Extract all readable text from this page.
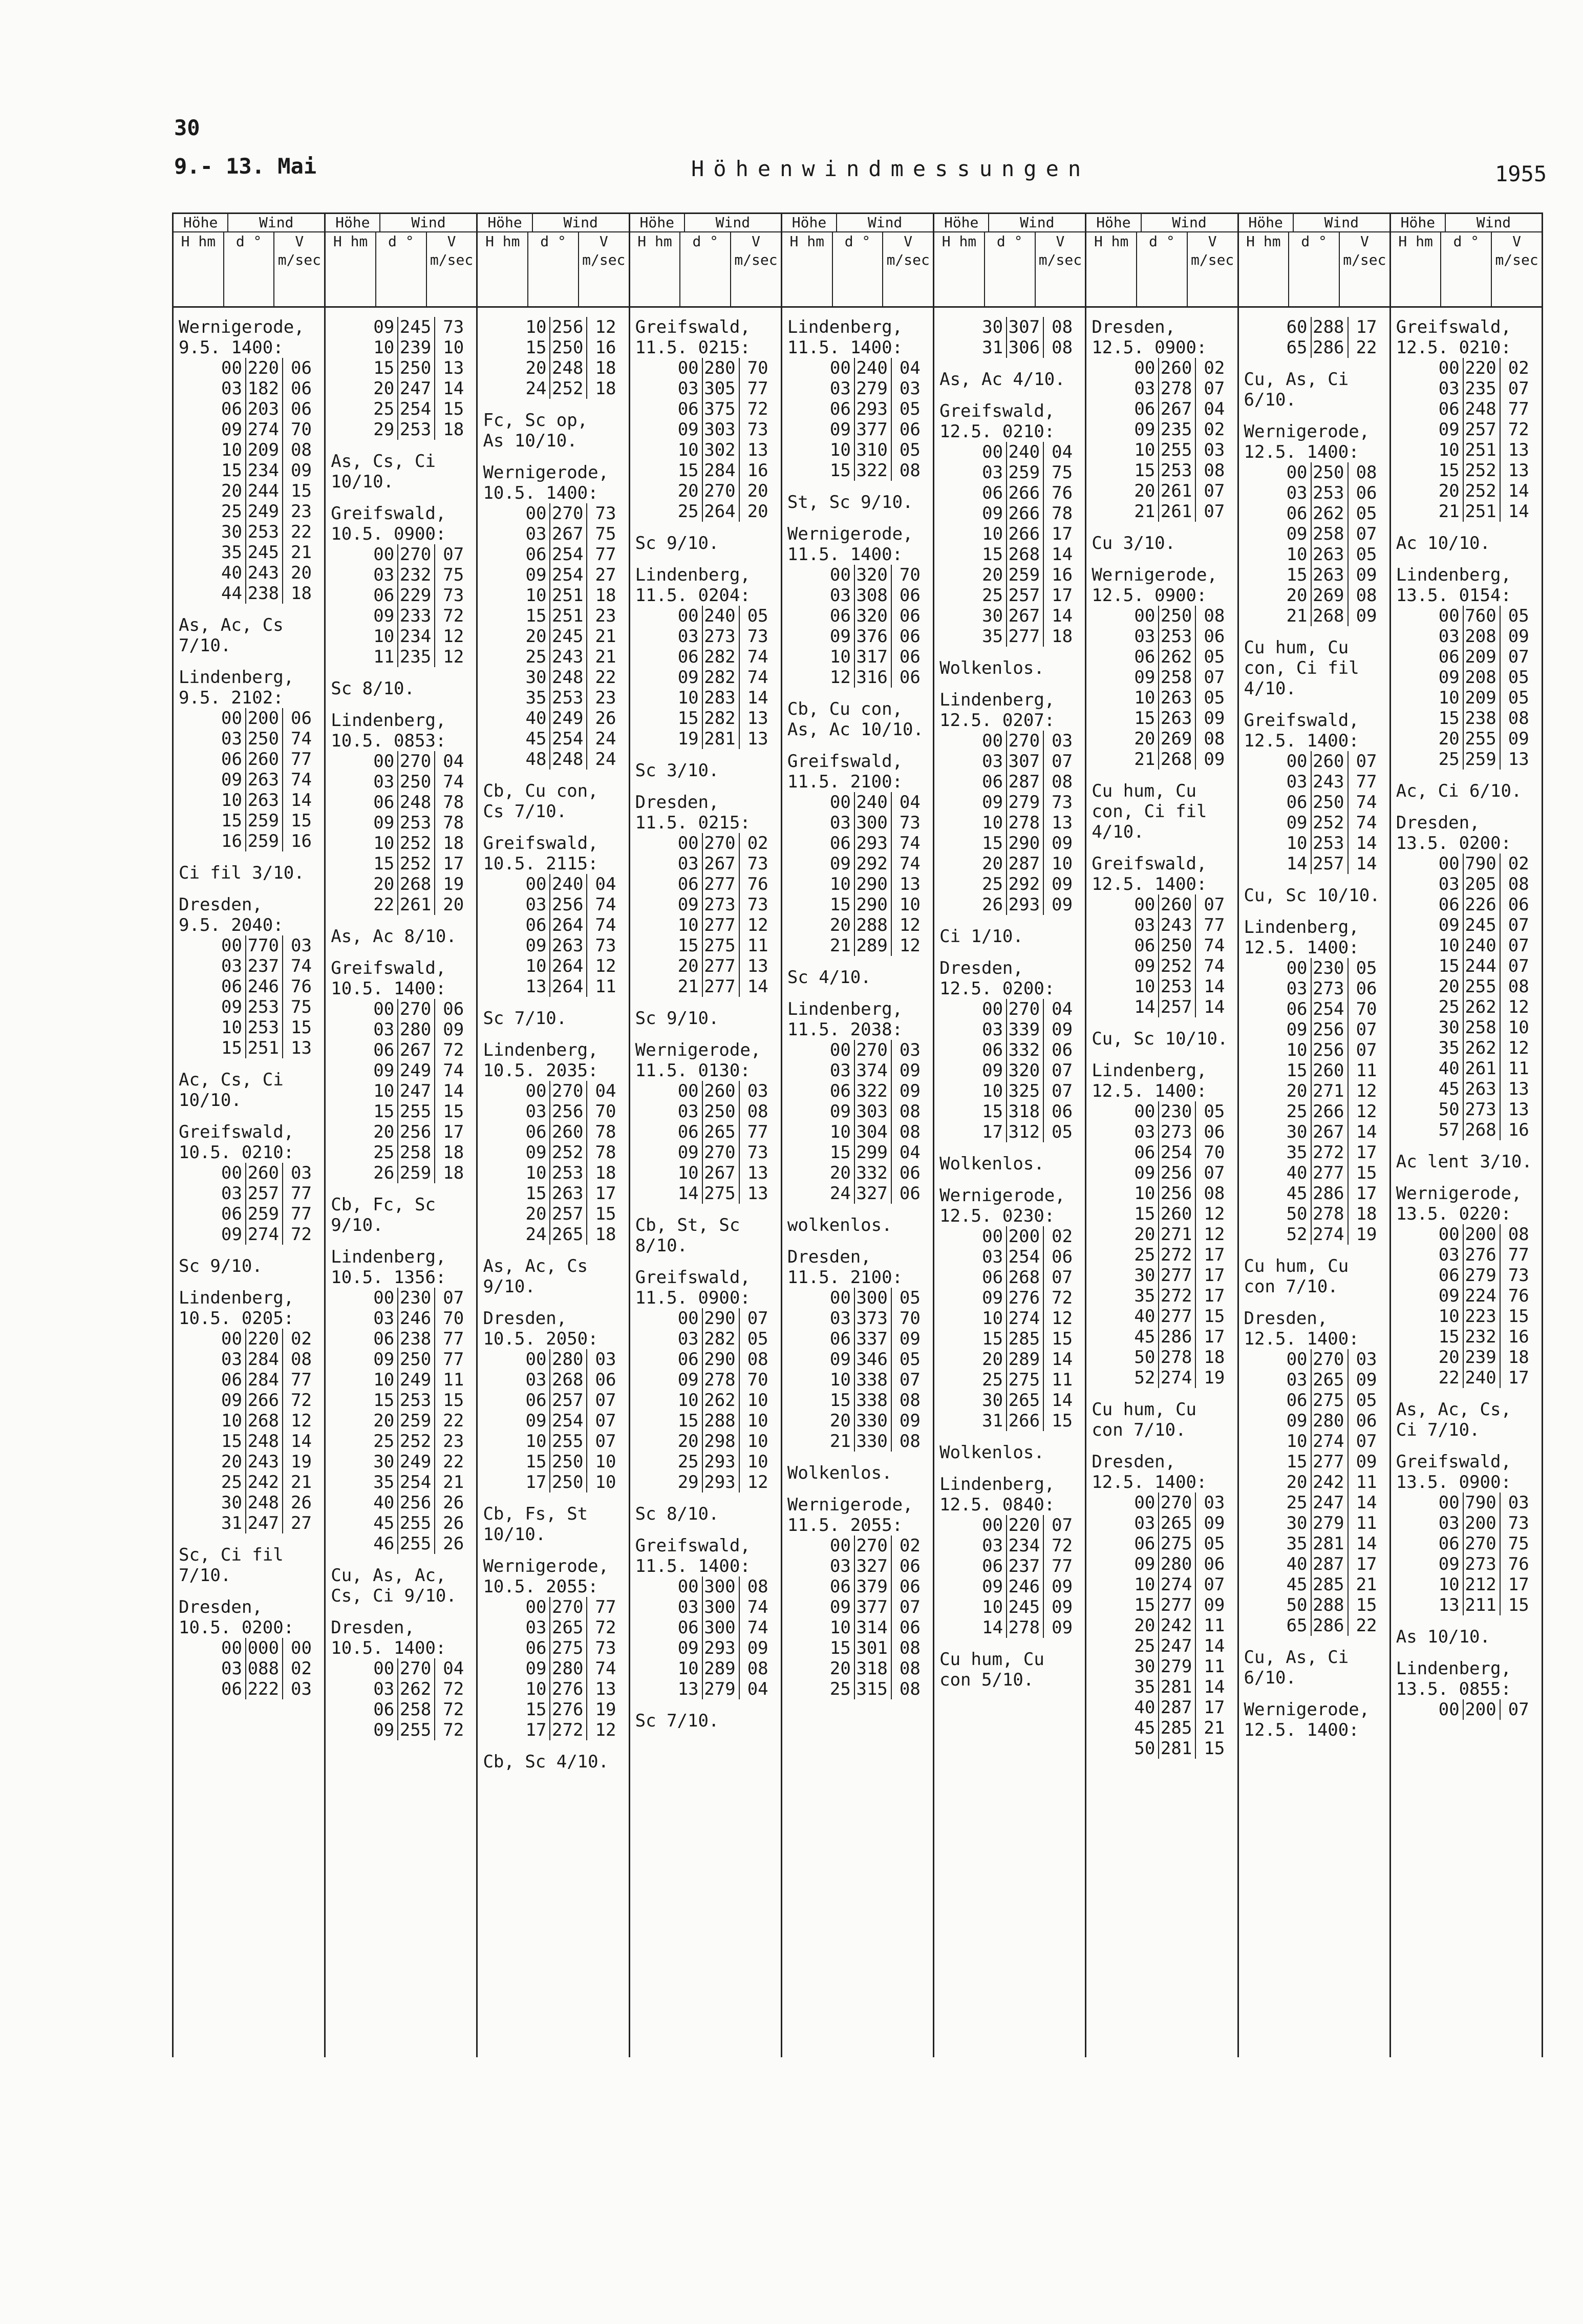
30
9.- 13. Mai	Höhenwindmessungen	1955
Höhe	Wind
H hm	d °	V m/sec
Wernigerode,
9.5. 1400:
00 220 06
03 182 06
06 203 06
09 274 70
10 209 08
15 234 09
20 244 15
25 249 23
30 253 22
35 245 21
40 243 20
44 238 18
As, Ac, Cs
7/10.
Lindenberg,
9.5. 2102:
00 200 06
03 250 74
06 260 77
09 263 74
10 263 14
15 259 15
16 259 16
Ci fil 3/10.
Dresden,
9.5. 2040:
00 770 03
03 237 74
06 246 76
09 253 75
10 253 15
15 251 13
Ac, Cs, Ci
10/10.
Greifswald,
10.5. 0210:
00 260 03
03 257 77
06 259 77
09 274 72
Sc 9/10.
Lindenberg,
10.5. 0205:
00 220 02
03 284 08
06 284 77
09 266 72
10 268 12
15 248 14
20 243 19
25 242 21
30 248 26
31 247 27
Sc, Ci fil
7/10.
Dresden,
10.5. 0200:
00 000 00
03 088 02
06 222 03
Höhe	Wind
H hm	d °	V m/sec
09 245 73
10 239 10
15 250 13
20 247 14
25 254 15
29 253 18
As, Cs, Ci
10/10.
Greifswald,
10.5. 0900:
00 270 07
03 232 75
06 229 73
09 233 72
10 234 12
11 235 12
Sc 8/10.
Lindenberg,
10.5. 0853:
00 270 04
03 250 74
06 248 78
09 253 78
10 252 18
15 252 17
20 268 19
22 261 20
As, Ac 8/10.
Greifswald,
10.5. 1400:
00 270 06
03 280 09
06 267 72
09 249 74
10 247 14
15 255 15
20 256 17
25 258 18
26 259 18
Cb, Fc, Sc
9/10.
Lindenberg,
10.5. 1356:
00 230 07
03 246 70
06 238 77
09 250 77
10 249 11
15 253 15
20 259 22
25 252 23
30 249 22
35 254 21
40 256 26
45 255 26
46 255 26
Cu, As, Ac,
Cs, Ci 9/10.
Dresden,
10.5. 1400:
00 270 04
03 262 72
06 258 72
09 255 72
Höhe	Wind
H hm	d °	V m/sec
10 256 12
15 250 16
20 248 18
24 252 18
Fc, Sc op,
As 10/10.
Wernigerode,
10.5. 1400:
00 270 73
03 267 75
06 254 77
09 254 27
10 251 18
15 251 23
20 245 21
25 243 21
30 248 22
35 253 23
40 249 26
45 254 24
48 248 24
Cb, Cu con,
Cs 7/10.
Greifswald,
10.5. 2115:
00 240 04
03 256 74
06 264 74
09 263 73
10 264 12
13 264 11
Sc 7/10.
Lindenberg,
10.5. 2035:
00 270 04
03 256 70
06 260 78
09 252 78
10 253 18
15 263 17
20 257 15
24 265 18
As, Ac, Cs
9/10.
Dresden,
10.5. 2050:
00 280 03
03 268 06
06 257 07
09 254 07
10 255 07
15 250 10
17 250 10
Cb, Fs, St
10/10.
Wernigerode,
10.5. 2055:
00 270 77
03 265 72
06 275 73
09 280 74
10 276 13
15 276 19
17 272 12
Cb, Sc 4/10.
Höhe	Wind
H hm	d °	V m/sec
Greifswald,
11.5. 0215:
00 280 70
03 305 77
06 375 72
09 303 73
10 302 13
15 284 16
20 270 20
25 264 20
Sc 9/10.
Lindenberg,
11.5. 0204:
00 240 05
03 273 73
06 282 74
09 282 74
10 283 14
15 282 13
19 281 13
Sc 3/10.
Dresden,
11.5. 0215:
00 270 02
03 267 73
06 277 76
09 273 73
10 277 12
15 275 11
20 277 13
21 277 14
Sc 9/10.
Wernigerode,
11.5. 0130:
00 260 03
03 250 08
06 265 77
09 270 73
10 267 13
14 275 13
Cb, St, Sc
8/10.
Greifswald,
11.5. 0900:
00 290 07
03 282 05
06 290 08
09 278 70
10 262 10
15 288 10
20 298 10
25 293 10
29 293 12
Sc 8/10.
Greifswald,
11.5. 1400:
00 300 08
03 300 74
06 300 74
09 293 09
10 289 08
13 279 04
Sc 7/10.
Höhe	Wind
H hm	d °	V m/sec
Lindenberg,
11.5. 1400:
00 240 04
03 279 03
06 293 05
09 377 06
10 310 05
15 322 08
St, Sc 9/10.
Wernigerode,
11.5. 1400:
00 320 70
03 308 06
06 320 06
09 376 06
10 317 06
12 316 06
Cb, Cu con,
As, Ac 10/10.
Greifswald,
11.5. 2100:
00 240 04
03 300 73
06 293 74
09 292 74
10 290 13
15 290 10
20 288 12
21 289 12
Sc 4/10.
Lindenberg,
11.5. 2038:
00 270 03
03 374 09
06 322 09
09 303 08
10 304 08
15 299 04
20 332 06
24 327 06
wolkenlos.
Dresden,
11.5. 2100:
00 300 05
03 373 70
06 337 09
09 346 05
10 338 07
15 338 08
20 330 09
21 330 08
Wolkenlos.
Wernigerode,
11.5. 2055:
00 270 02
03 327 06
06 379 06
09 377 07
10 314 06
15 301 08
20 318 08
25 315 08
Höhe	Wind
H hm	d °	V m/sec
30 307 08
31 306 08
As, Ac 4/10.
Greifswald,
12.5. 0210:
00 240 04
03 259 75
06 266 76
09 266 78
10 266 17
15 268 14
20 259 16
25 257 17
30 267 14
35 277 18
Wolkenlos.
Lindenberg,
12.5. 0207:
00 270 03
03 307 07
06 287 08
09 279 73
10 278 13
15 290 09
20 287 10
25 292 09
26 293 09
Ci 1/10.
Dresden,
12.5. 0200:
00 270 04
03 339 09
06 332 06
09 320 07
10 325 07
15 318 06
17 312 05
Wolkenlos.
Wernigerode,
12.5. 0230:
00 200 02
03 254 06
06 268 07
09 276 72
10 274 12
15 285 15
20 289 14
25 275 11
30 265 14
31 266 15
Wolkenlos.
Lindenberg,
12.5. 0840:
00 220 07
03 234 72
06 237 77
09 246 09
10 245 09
14 278 09
Cu hum, Cu
con 5/10.
Höhe	Wind
H hm	d °	V m/sec
Dresden,
12.5. 0900:
00 260 02
03 278 07
06 267 04
09 235 02
10 255 03
15 253 08
20 261 07
21 261 07
Cu 3/10.
Wernigerode,
12.5. 0900:
00 250 08
03 253 06
06 262 05
09 258 07
10 263 05
15 263 09
20 269 08
21 268 09
Cu hum, Cu
con, Ci fil
4/10.
Greifswald,
12.5. 1400:
00 260 07
03 243 77
06 250 74
09 252 74
10 253 14
14 257 14
Cu, Sc 10/10.
Lindenberg,
12.5. 1400:
00 230 05
03 273 06
06 254 70
09 256 07
10 256 08
15 260 12
20 271 12
25 272 17
30 277 17
35 272 17
40 277 15
45 286 17
50 278 18
52 274 19
Cu hum, Cu
con 7/10.
Dresden,
12.5. 1400:
00 270 03
03 265 09
06 275 05
09 280 06
10 274 07
15 277 09
20 242 11
25 247 14
30 279 11
35 281 14
40 287 17
45 285 21
50 281 15
Höhe	Wind
H hm	d °	V m/sec
60 288 17
65 286 22
Cu, As, Ci
6/10.
Wernigerode,
12.5. 1400:
00 250 08
03 253 06
06 262 05
09 258 07
10 263 05
15 263 09
20 269 08
21 268 09
Cu hum, Cu
con, Ci fil
4/10.
Greifswald,
12.5. 1400:
00 260 07
03 243 77
06 250 74
09 252 74
10 253 14
14 257 14
Cu, Sc 10/10.
Lindenberg,
12.5. 1400:
00 230 05
03 273 06
06 254 70
09 256 07
10 256 07
15 260 11
20 271 12
25 266 12
30 267 14
35 272 17
40 277 15
45 286 17
50 278 18
52 274 19
Cu hum, Cu
con 7/10.
Dresden,
12.5. 1400:
00 270 03
03 265 09
06 275 05
09 280 06
10 274 07
15 277 09
20 242 11
25 247 14
30 279 11
35 281 14
40 287 17
45 285 21
50 288 15
65 286 22
Cu, As, Ci
6/10.
Wernigerode,
12.5. 1400:
Höhe	Wind
H hm	d °	V m/sec
Greifswald,
12.5. 0210:
00 220 02
03 235 07
06 248 77
09 257 72
10 251 13
15 252 13
20 252 14
21 251 14
Ac 10/10.
Lindenberg,
13.5. 0154:
00 760 05
03 208 09
06 209 07
09 208 05
10 209 05
15 238 08
20 255 09
25 259 13
Ac, Ci 6/10.
Dresden,
13.5. 0200:
00 790 02
03 205 08
06 226 06
09 245 07
10 240 07
15 244 07
20 255 08
25 262 12
30 258 10
35 262 12
40 261 11
45 263 13
50 273 13
57 268 16
Ac lent 3/10.
Wernigerode,
13.5. 0220:
00 200 08
03 276 77
06 279 73
09 224 76
10 223 15
15 232 16
20 239 18
22 240 17
As, Ac, Cs,
Ci 7/10.
Greifswald,
13.5. 0900:
00 790 03
03 200 73
06 270 75
09 273 76
10 212 17
13 211 15
As 10/10.
Lindenberg,
13.5. 0855:
00 200 07
